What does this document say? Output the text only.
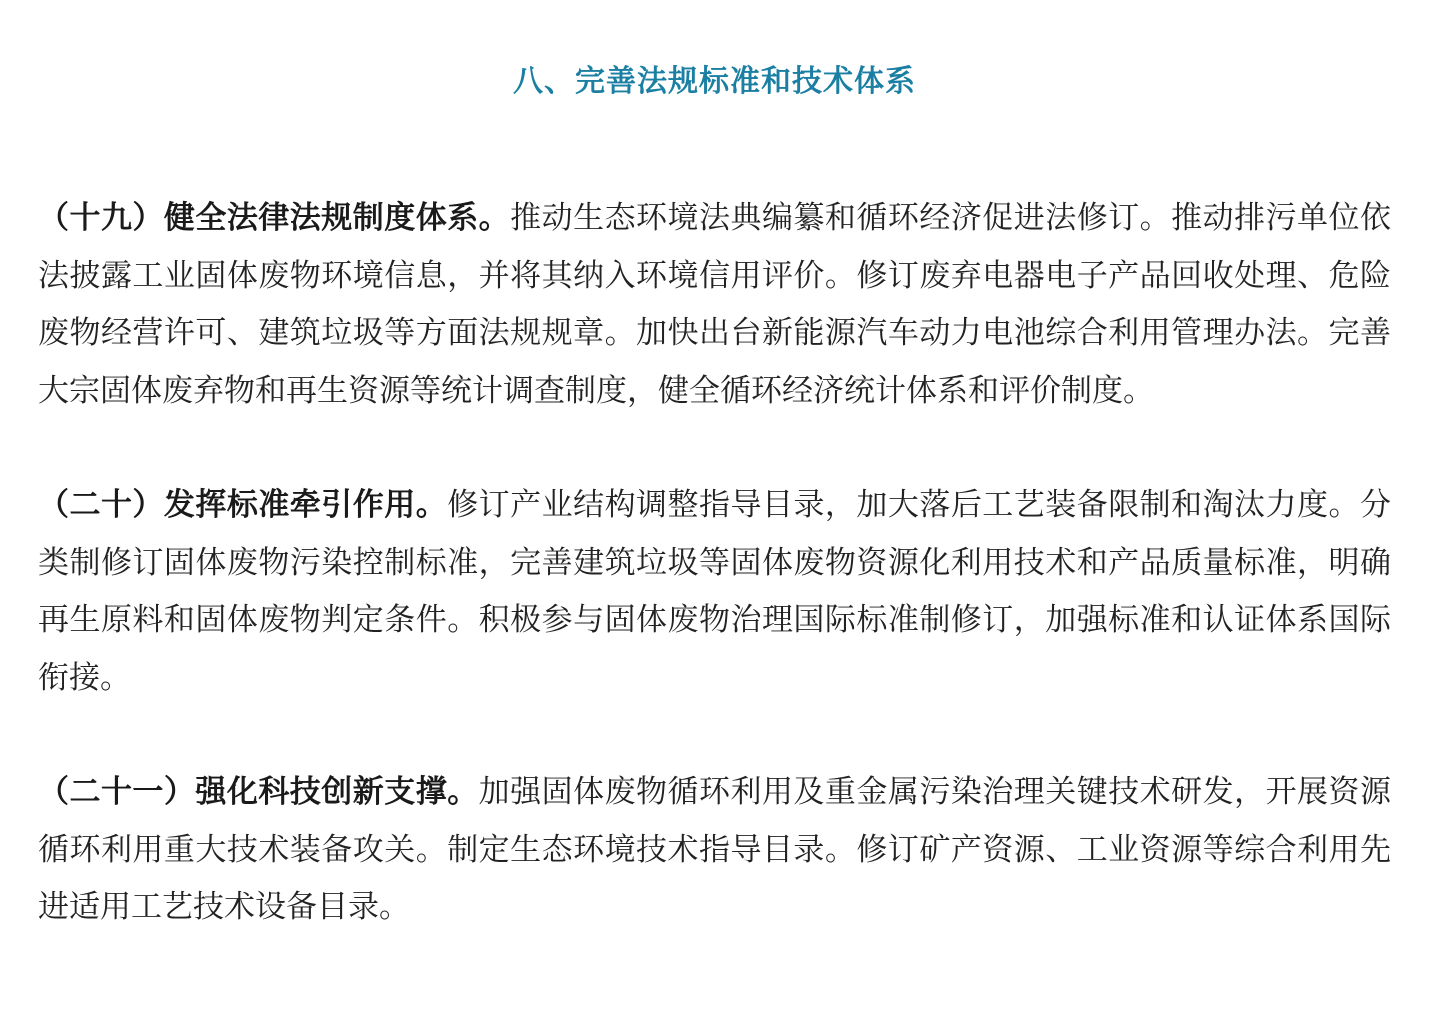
八、完善法规标准和技术体系

（十九）健全法律法规制度体系。推动生态环境法典编纂和循环经济促进法修订。推动排污单位依法披露工业固体废物环境信息，并将其纳入环境信用评价。修订废弃电器电子产品回收处理、危险废物经营许可、建筑垃圾等方面法规规章。加快出台新能源汽车动力电池综合利用管理办法。完善大宗固体废弃物和再生资源等统计调查制度，健全循环经济统计体系和评价制度。

（二十）发挥标准牵引作用。修订产业结构调整指导目录，加大落后工艺装备限制和淘汰力度。分类制修订固体废物污染控制标准，完善建筑垃圾等固体废物资源化利用技术和产品质量标准，明确再生原料和固体废物判定条件。积极参与固体废物治理国际标准制修订，加强标准和认证体系国际衔接。

（二十一）强化科技创新支撑。加强固体废物循环利用及重金属污染治理关键技术研发，开展资源循环利用重大技术装备攻关。制定生态环境技术指导目录。修订矿产资源、工业资源等综合利用先进适用工艺技术设备目录。
